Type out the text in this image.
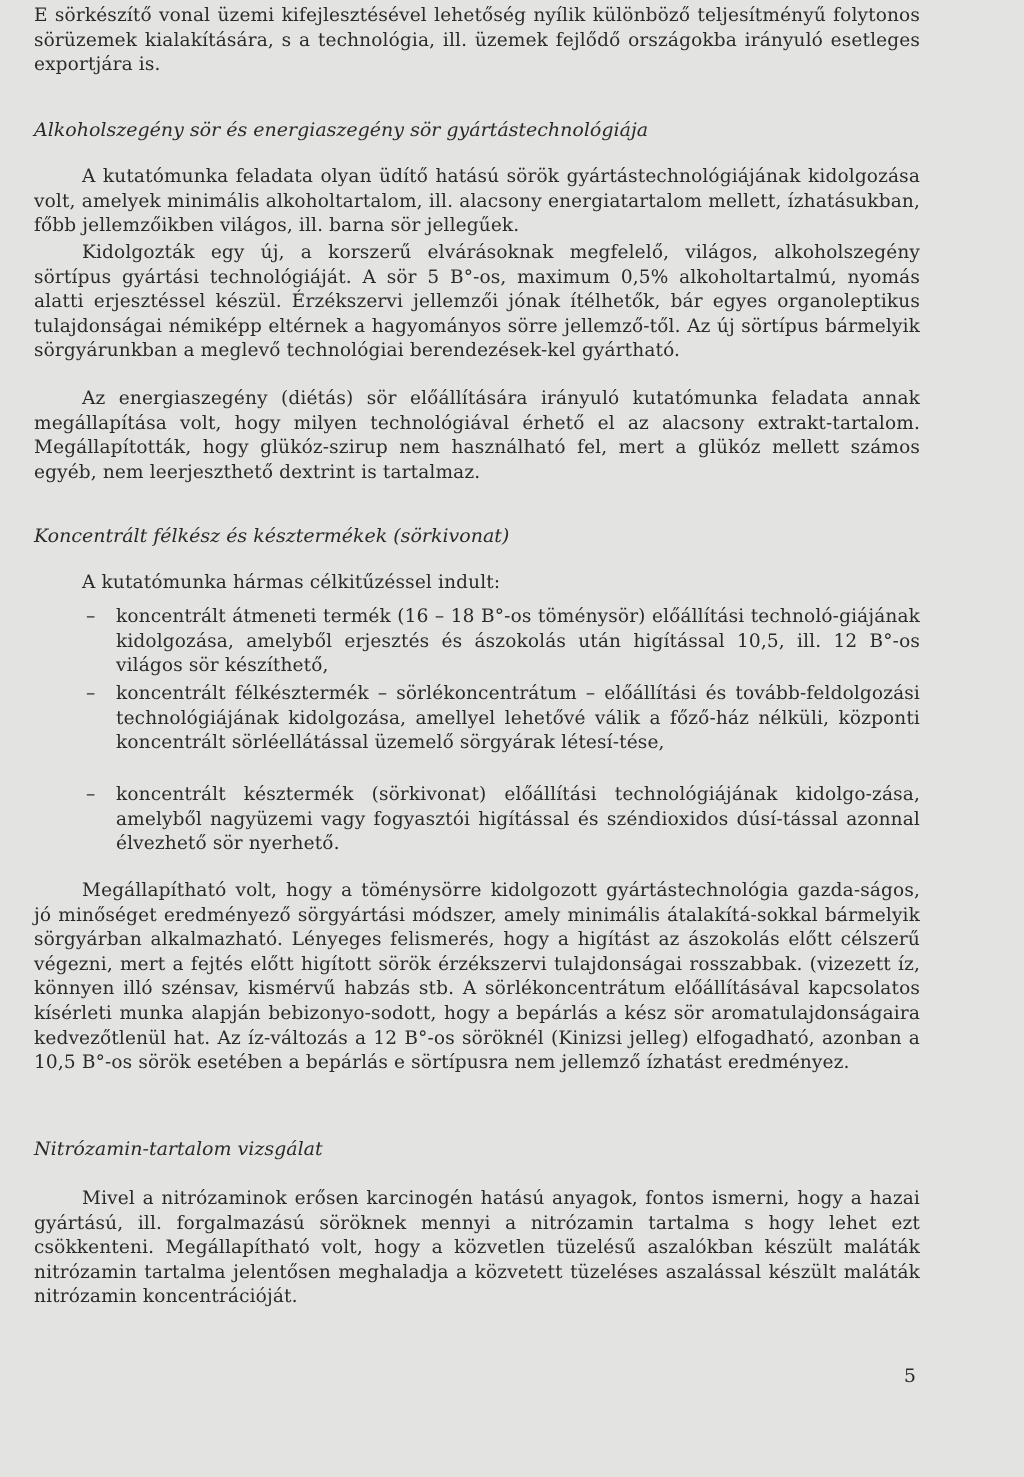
E sörkészítő vonal üzemi kifejlesztésével lehetőség nyílik különböző teljesítményű folytonos sörüzemek kialakítására, s a technológia, ill. üzemek fejlődő országokba irányuló esetleges exportjára is.

Alkoholszegény sör és energiaszegény sör gyártástechnológiája

A kutatómunka feladata olyan üdítő hatású sörök gyártástechnológiájának kidolgozása volt, amelyek minimális alkoholtartalom, ill. alacsony energiatartalom mellett, ízhatásukban, főbb jellemzőikben világos, ill. barna sör jellegűek.

Kidolgozták egy új, a korszerű elvárásoknak megfelelő, világos, alkoholszegény sörtípus gyártási technológiáját. A sör 5 B°-os, maximum 0,5% alkoholtartalmú, nyomás alatti erjesztéssel készül. Érzékszervi jellemzői jónak ítélhetők, bár egyes organoleptikus tulajdonságai némiképp eltérnek a hagyományos sörre jellemző-től. Az új sörtípus bármelyik sörgyárunkban a meglevő technológiai berendezések-kel gyártható.

Az energiaszegény (diétás) sör előállítására irányuló kutatómunka feladata annak megállapítása volt, hogy milyen technológiával érhető el az alacsony extrakt-tartalom. Megállapították, hogy glükóz-szirup nem használható fel, mert a glükóz mellett számos egyéb, nem leerjeszthető dextrint is tartalmaz.

Koncentrált félkész és késztermékek (sörkivonat)

A kutatómunka hármas célkitűzéssel indult:

– koncentrált átmeneti termék (16 – 18 B°-os töménysör) előállítási technoló-giájának kidolgozása, amelyből erjesztés és ászokolás után higítással 10,5, ill. 12 B°-os világos sör készíthető,
– koncentrált félkésztermék – sörlékoncentrátum – előállítási és tovább-feldolgozási technológiájának kidolgozása, amellyel lehetővé válik a főző-ház nélküli, központi koncentrált sörléellátással üzemelő sörgyárak létesí-tése,
– koncentrált késztermék (sörkivonat) előállítási technológiájának kidolgo-zása, amelyből nagyüzemi vagy fogyasztói higítással és széndioxidos dúsí-tással azonnal élvezhető sör nyerhető.

Megállapítható volt, hogy a töménysörre kidolgozott gyártástechnológia gazda-ságos, jó minőséget eredményező sörgyártási módszer, amely minimális átalakítá-sokkal bármelyik sörgyárban alkalmazható. Lényeges felismerés, hogy a higítást az ászokolás előtt célszerű végezni, mert a fejtés előtt higított sörök érzékszervi tulajdonságai rosszabbak. (vizezett íz, könnyen illó szénsav, kismérvű habzás stb. A sörlékoncentrátum előállításával kapcsolatos kísérleti munka alapján bebizonyo-sodott, hogy a bepárlás a kész sör aromatulajdonságaira kedvezőtlenül hat. Az íz-változás a 12 B°-os söröknél (Kinizsi jelleg) elfogadható, azonban a 10,5 B°-os sörök esetében a bepárlás e sörtípusra nem jellemző ízhatást eredményez.

Nitrózamin-tartalom vizsgálat

Mivel a nitrózaminok erősen karcinogén hatású anyagok, fontos ismerni, hogy a hazai gyártású, ill. forgalmazású söröknek mennyi a nitrózamin tartalma s hogy lehet ezt csökkenteni. Megállapítható volt, hogy a közvetlen tüzelésű aszalókban készült maláták nitrózamin tartalma jelentősen meghaladja a közvetett tüzeléses aszalással készült maláták nitrózamin koncentrációját.

5
